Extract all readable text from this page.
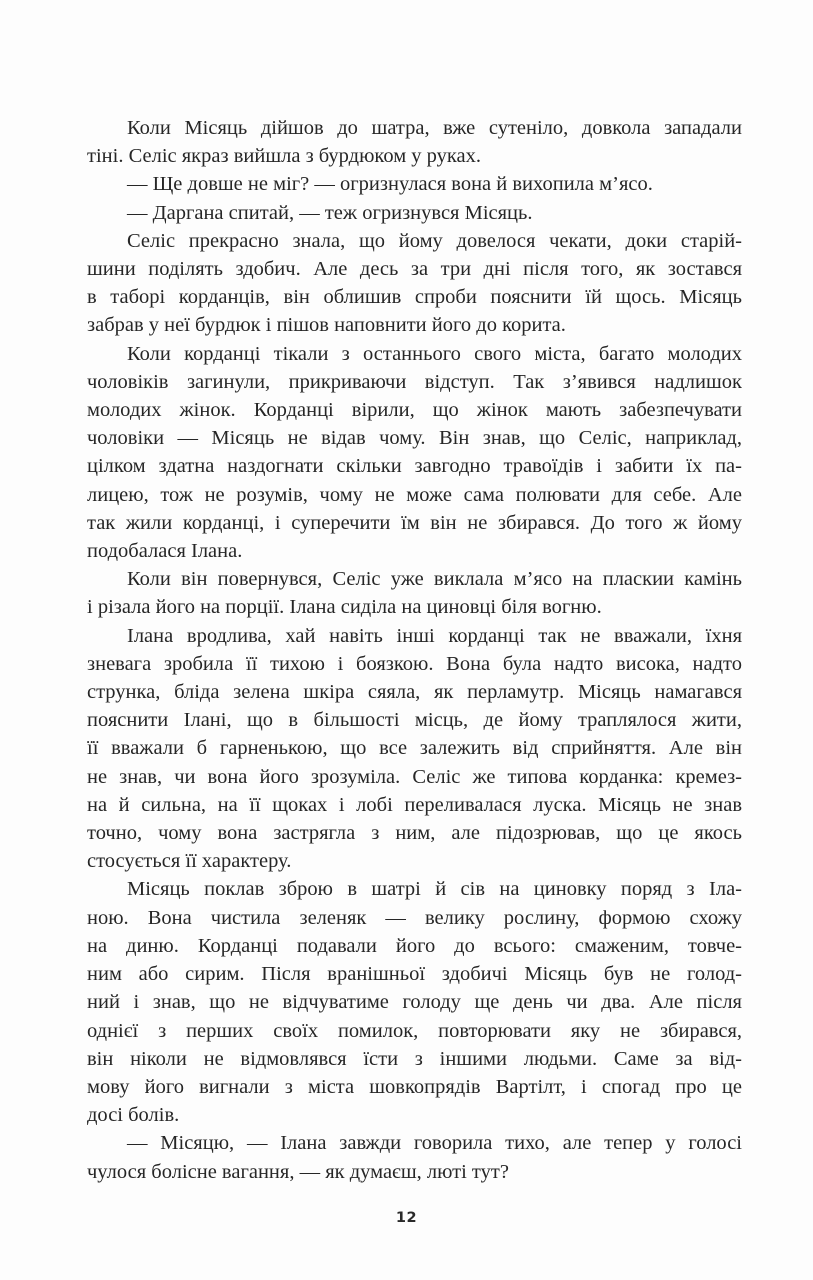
Коли Місяць дійшов до шатра, вже сутеніло, довкола западали
тіні. Селіс якраз вийшла з бурдюком у руках.
— Ще довше не міг? — огризнулася вона й вихопила м’ясо.
— Даргана спитай, — теж огризнувся Місяць.
Селіс прекрасно знала, що йому довелося чекати, доки старій-
шини поділять здобич. Але десь за три дні після того, як зостався
в таборі корданців, він облишив спроби пояснити їй щось. Місяць
забрав у неї бурдюк і пішов наповнити його до корита.
Коли корданці тікали з останнього свого міста, багато молодих
чоловіків загинули, прикриваючи відступ. Так з’явився надлишок
молодих жінок. Корданці вірили, що жінок мають забезпечувати
чоловіки — Місяць не відав чому. Він знав, що Селіс, наприклад,
цілком здатна наздогнати скільки завгодно травоїдів і забити їх па-
лицею, тож не розумів, чому не може сама полювати для себе. Але
так жили корданці, і суперечити їм він не збирався. До того ж йому
подобалася Ілана.
Коли він повернувся, Селіс уже виклала м’ясо на пласкии камінь
і різала його на порції. Ілана сиділа на циновці біля вогню.
Ілана вродлива, хай навіть інші корданці так не вважали, їхня
зневага зробила її тихою і боязкою. Вона була надто висока, надто
струнка, бліда зелена шкіра сяяла, як перламутр. Місяць намагався
пояснити Ілані, що в більшості місць, де йому траплялося жити,
її вважали б гарненькою, що все залежить від сприйняття. Але він
не знав, чи вона його зрозуміла. Селіс же типова корданка: кремез-
на й сильна, на її щоках і лобі переливалася луска. Місяць не знав
точно, чому вона застрягла з ним, але підозрював, що це якось
стосується її характеру.
Місяць поклав зброю в шатрі й сів на циновку поряд з Іла-
ною. Вона чистила зеленяк — велику рослину, формою схожу
на диню. Корданці подавали його до всього: смаженим, товче-
ним або сирим. Після вранішньої здобичі Місяць був не голод-
ний і знав, що не відчуватиме голоду ще день чи два. Але після
однієї з перших своїх помилок, повторювати яку не збирався,
він ніколи не відмовлявся їсти з іншими людьми. Саме за від-
мову його вигнали з міста шовкопрядів Вартілт, і спогад про це
досі болів.
— Місяцю, — Ілана завжди говорила тихо, але тепер у голосі
чулося болісне вагання, — як думаєш, люті тут?
12
